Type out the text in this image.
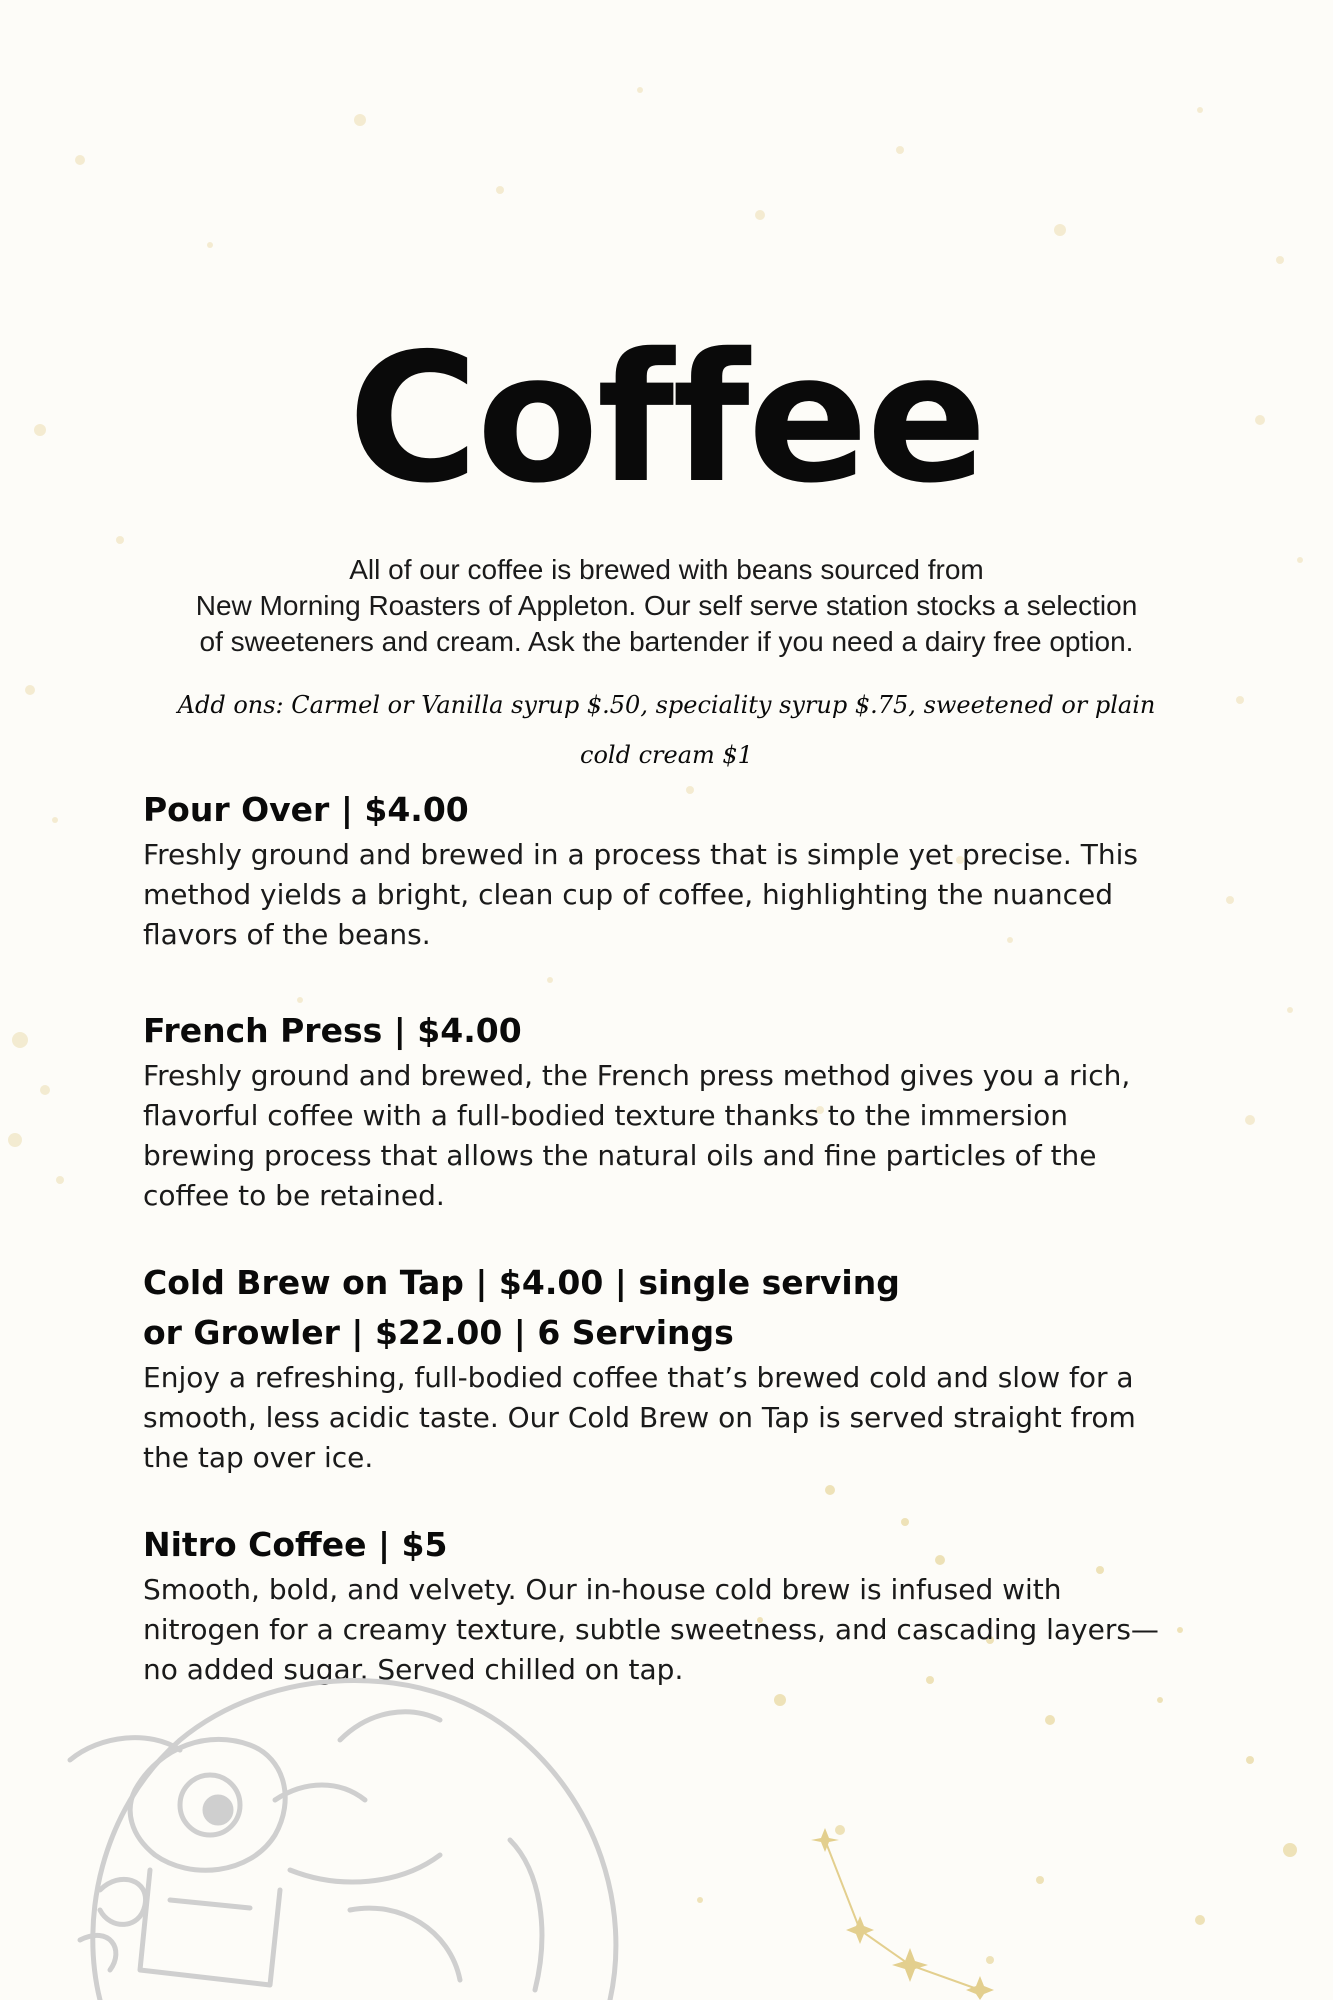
Coffee
All of our coffee is brewed with beans sourced from
New Morning Roasters of Appleton. Our self serve station stocks a selection
of sweeteners and cream. Ask the bartender if you need a dairy free option.
Add ons: Carmel or Vanilla syrup $.50, speciality syrup $.75, sweetened or plain
cold cream $1
Pour Over | $4.00
Freshly ground and brewed in a process that is simple yet precise. This
method yields a bright, clean cup of coffee, highlighting the nuanced
flavors of the beans.
French Press | $4.00
Freshly ground and brewed, the French press method gives you a rich,
flavorful coffee with a full-bodied texture thanks to the immersion
brewing process that allows the natural oils and fine particles of the
coffee to be retained.
Cold Brew on Tap | $4.00 | single serving
or Growler | $22.00 | 6 Servings
Enjoy a refreshing, full-bodied coffee that’s brewed cold and slow for a
smooth, less acidic taste. Our Cold Brew on Tap is served straight from
the tap over ice.
Nitro Coffee | $5
Smooth, bold, and velvety. Our in-house cold brew is infused with
nitrogen for a creamy texture, subtle sweetness, and cascading layers—
no added sugar. Served chilled on tap.
